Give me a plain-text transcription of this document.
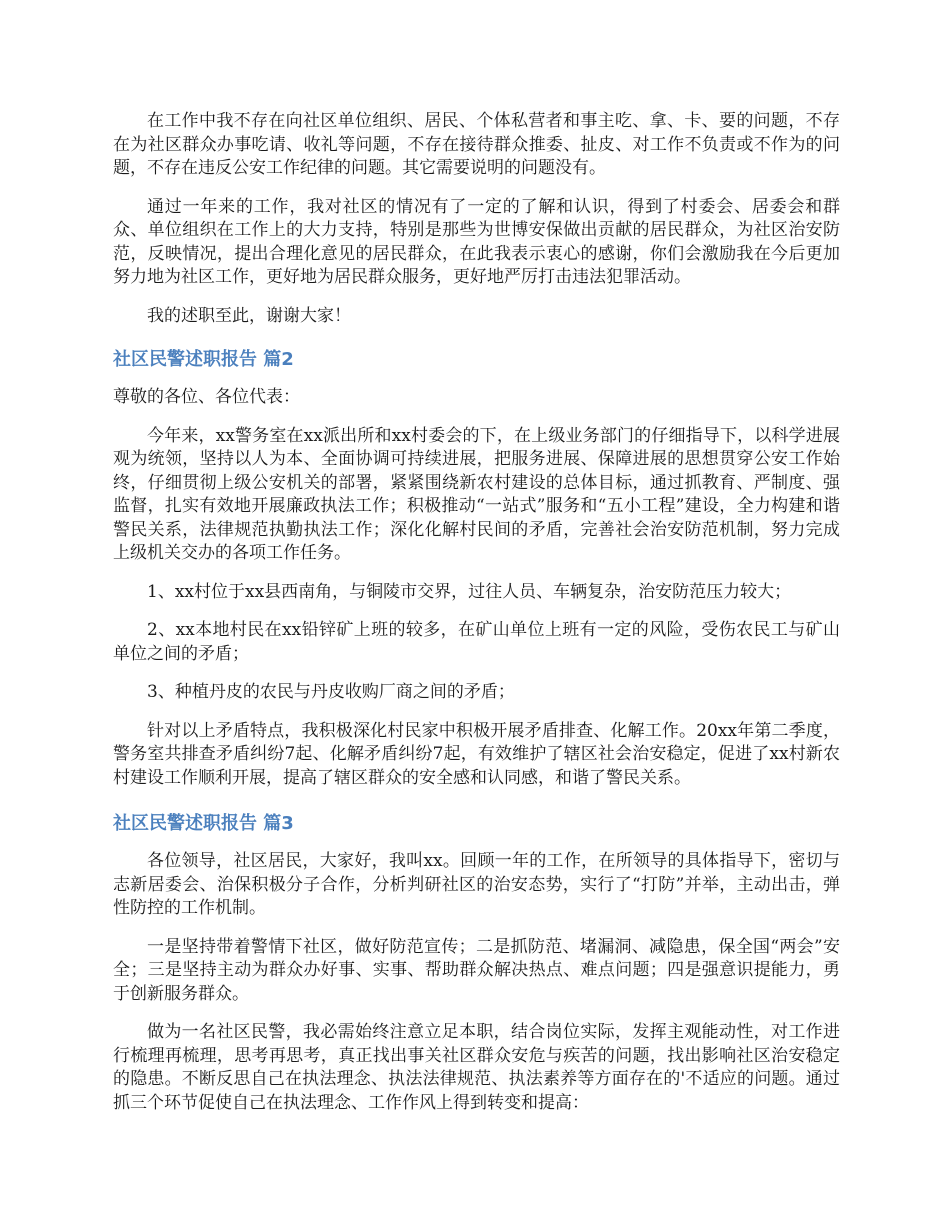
在工作中我不存在向社区单位组织、居民、个体私营者和事主吃、拿、卡、要的问题，不存在为社区群众办事吃请、收礼等问题，不存在接待群众推委、扯皮、对工作不负责或不作为的问题，不存在违反公安工作纪律的问题。其它需要说明的问题没有。

通过一年来的工作，我对社区的情况有了一定的了解和认识，得到了村委会、居委会和群众、单位组织在工作上的大力支持，特别是那些为世博安保做出贡献的居民群众，为社区治安防范，反映情况，提出合理化意见的居民群众，在此我表示衷心的感谢，你们会激励我在今后更加努力地为社区工作，更好地为居民群众服务，更好地严厉打击违法犯罪活动。

我的述职至此，谢谢大家！

社区民警述职报告 篇2

尊敬的各位、各位代表：

今年来，xx警务室在xx派出所和xx村委会的下，在上级业务部门的仔细指导下，以科学进展观为统领，坚持以人为本、全面协调可持续进展，把服务进展、保障进展的思想贯穿公安工作始终，仔细贯彻上级公安机关的部署，紧紧围绕新农村建设的总体目标，通过抓教育、严制度、强监督，扎实有效地开展廉政执法工作；积极推动“一站式”服务和“五小工程”建设，全力构建和谐警民关系，法律规范执勤执法工作；深化化解村民间的矛盾，完善社会治安防范机制，努力完成上级机关交办的各项工作任务。

1、xx村位于xx县西南角，与铜陵市交界，过往人员、车辆复杂，治安防范压力较大；

2、xx本地村民在xx铅锌矿上班的较多，在矿山单位上班有一定的风险，受伤农民工与矿山单位之间的矛盾；

3、种植丹皮的农民与丹皮收购厂商之间的矛盾；

针对以上矛盾特点，我积极深化村民家中积极开展矛盾排查、化解工作。20xx年第二季度，警务室共排查矛盾纠纷7起、化解矛盾纠纷7起，有效维护了辖区社会治安稳定，促进了xx村新农村建设工作顺利开展，提高了辖区群众的安全感和认同感，和谐了警民关系。

社区民警述职报告 篇3

各位领导，社区居民，大家好，我叫xx。回顾一年的工作，在所领导的具体指导下，密切与志新居委会、治保积极分子合作，分析判研社区的治安态势，实行了“打防”并举，主动出击，弹性防控的工作机制。

一是坚持带着警情下社区，做好防范宣传；二是抓防范、堵漏洞、减隐患，保全国“两会”安全；三是坚持主动为群众办好事、实事、帮助群众解决热点、难点问题；四是强意识提能力，勇于创新服务群众。

做为一名社区民警，我必需始终注意立足本职，结合岗位实际，发挥主观能动性，对工作进行梳理再梳理，思考再思考，真正找出事关社区群众安危与疾苦的问题，找出影响社区治安稳定的隐患。不断反思自己在执法理念、执法法律规范、执法素养等方面存在的'不适应的问题。通过抓三个环节促使自己在执法理念、工作作风上得到转变和提高：
